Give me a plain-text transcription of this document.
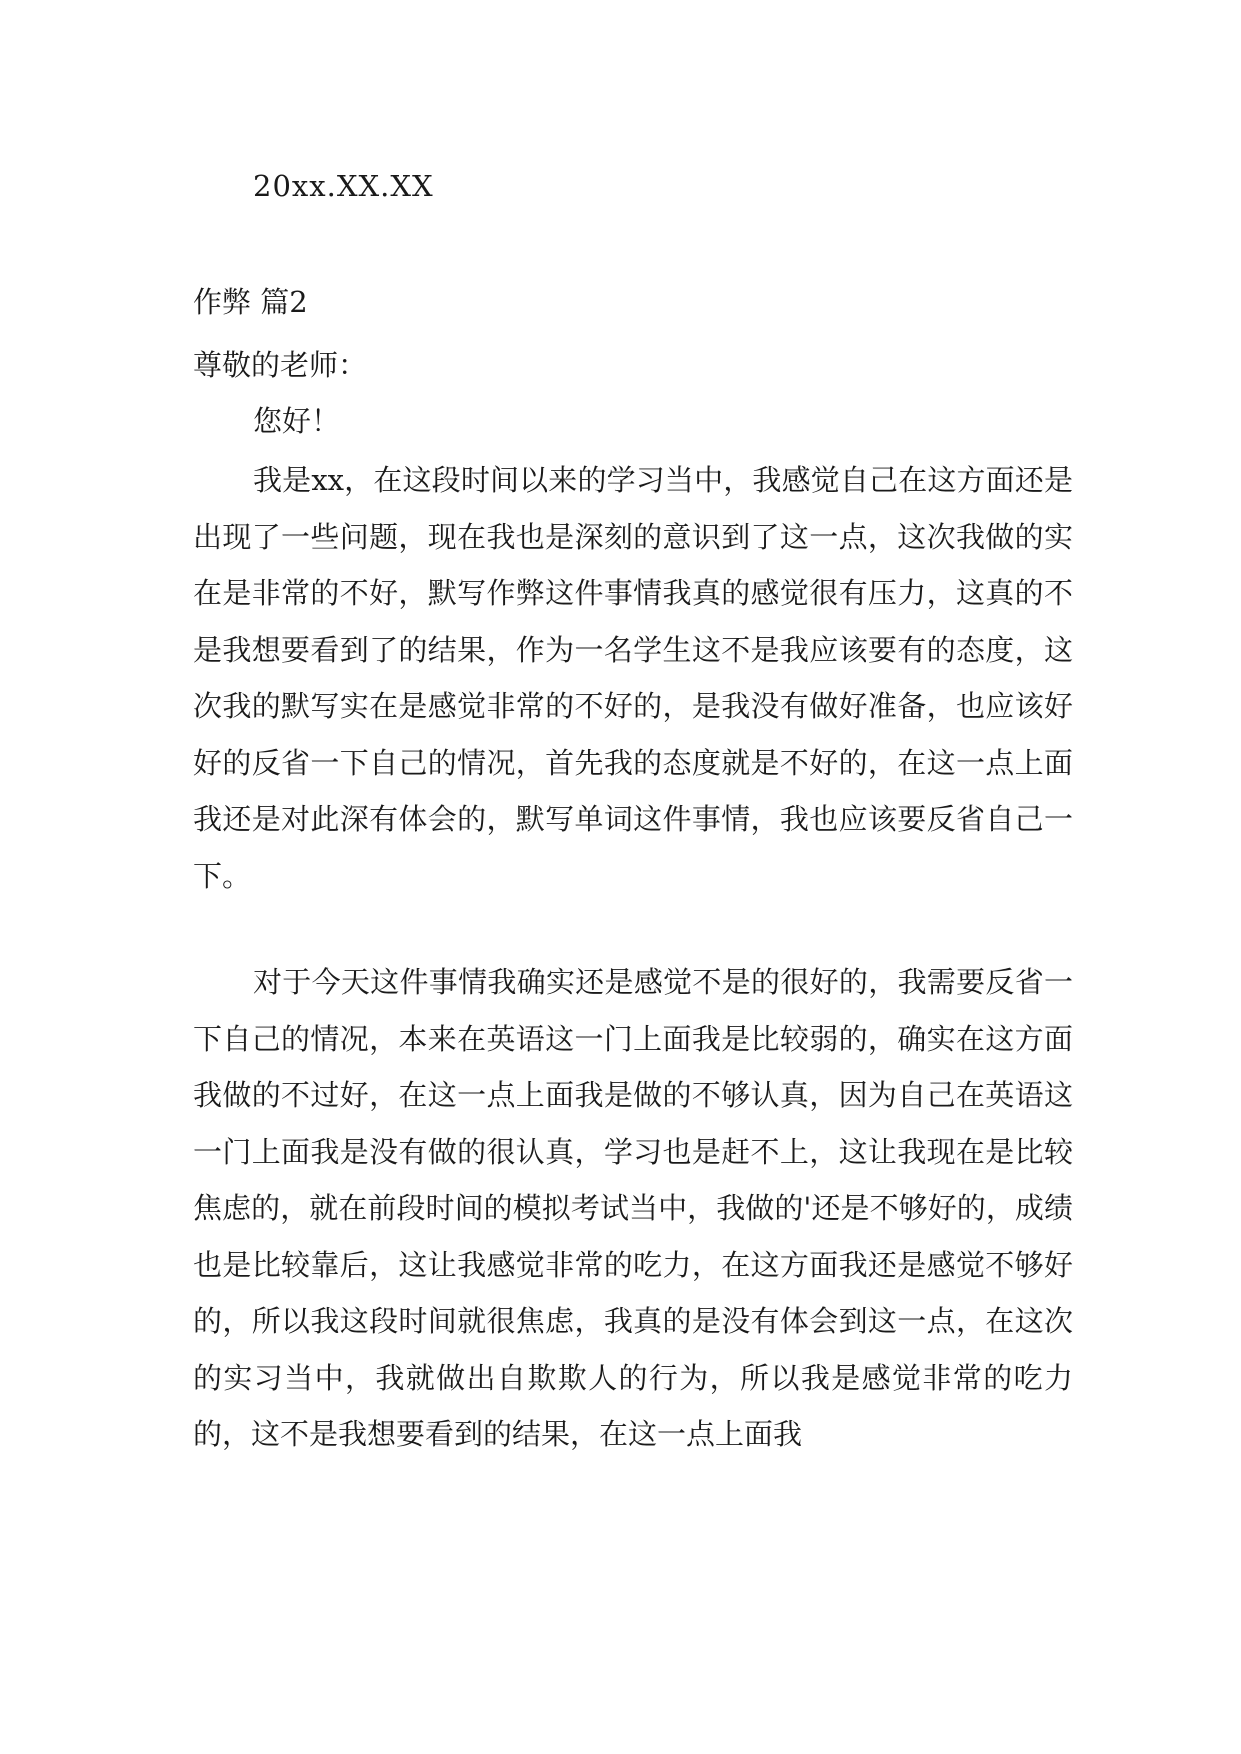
20xx.XX.XX
作弊 篇2
尊敬的老师：
您好！

我是xx，在这段时间以来的学习当中，我感觉自己在这方面还是出现了一些问题，现在我也是深刻的意识到了这一点，这次我做的实在是非常的不好，默写作弊这件事情我真的感觉很有压力，这真的不是我想要看到了的结果，作为一名学生这不是我应该要有的态度，这次我的默写实在是感觉非常的不好的，是我没有做好准备，也应该好好的反省一下自己的情况，首先我的态度就是不好的，在这一点上面我还是对此深有体会的，默写单词这件事情，我也应该要反省自己一下。

对于今天这件事情我确实还是感觉不是的很好的，我需要反省一下自己的情况，本来在英语这一门上面我是比较弱的，确实在这方面我做的不过好，在这一点上面我是做的不够认真，因为自己在英语这一门上面我是没有做的很认真，学习也是赶不上，这让我现在是比较焦虑的，就在前段时间的模拟考试当中，我做的'还是不够好的，成绩也是比较靠后，这让我感觉非常的吃力，在这方面我还是感觉不够好的，所以我这段时间就很焦虑，我真的是没有体会到这一点，在这次的实习当中，我就做出自欺欺人的行为，所以我是感觉非常的吃力的，这不是我想要看到的结果，在这一点上面我
